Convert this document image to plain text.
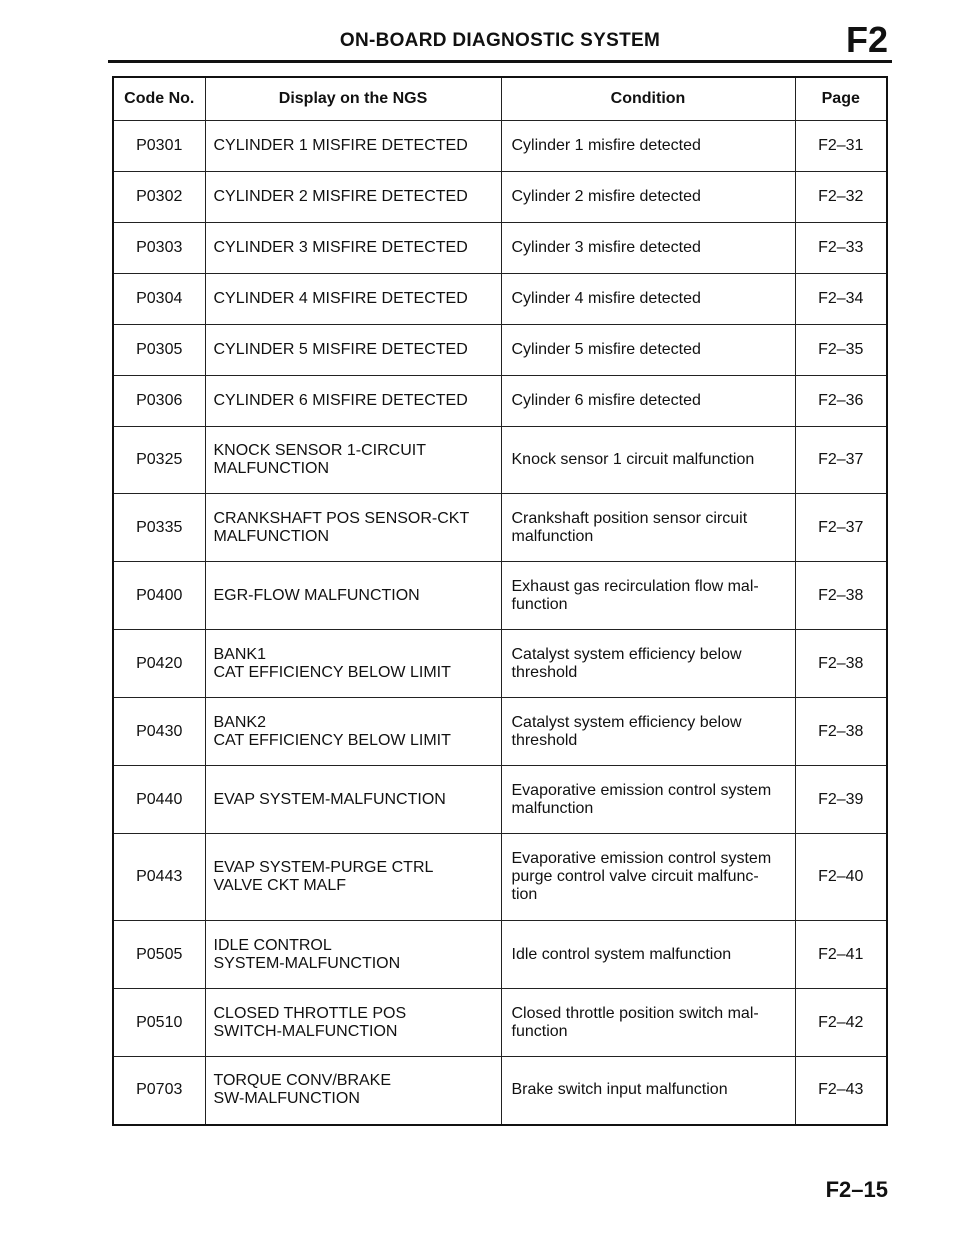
ON-BOARD DIAGNOSTIC SYSTEM	F2
Code No.	Display on the NGS	Condition	Page
P0301	CYLINDER 1 MISFIRE DETECTED	Cylinder 1 misfire detected	F2–31
P0302	CYLINDER 2 MISFIRE DETECTED	Cylinder 2 misfire detected	F2–32
P0303	CYLINDER 3 MISFIRE DETECTED	Cylinder 3 misfire detected	F2–33
P0304	CYLINDER 4 MISFIRE DETECTED	Cylinder 4 misfire detected	F2–34
P0305	CYLINDER 5 MISFIRE DETECTED	Cylinder 5 misfire detected	F2–35
P0306	CYLINDER 6 MISFIRE DETECTED	Cylinder 6 misfire detected	F2–36
P0325	KNOCK SENSOR 1-CIRCUIT
MALFUNCTION	Knock sensor 1 circuit malfunction	F2–37
P0335	CRANKSHAFT POS SENSOR-CKT
MALFUNCTION	Crankshaft position sensor circuit
malfunction	F2–37
P0400	EGR-FLOW MALFUNCTION	Exhaust gas recirculation flow mal-
function	F2–38
P0420	BANK1
CAT EFFICIENCY BELOW LIMIT	Catalyst system efficiency below
threshold	F2–38
P0430	BANK2
CAT EFFICIENCY BELOW LIMIT	Catalyst system efficiency below
threshold	F2–38
P0440	EVAP SYSTEM-MALFUNCTION	Evaporative emission control system
malfunction	F2–39
P0443	EVAP SYSTEM-PURGE CTRL
VALVE CKT MALF	Evaporative emission control system
purge control valve circuit malfunc-
tion	F2–40
P0505	IDLE CONTROL
SYSTEM-MALFUNCTION	Idle control system malfunction	F2–41
P0510	CLOSED THROTTLE POS
SWITCH-MALFUNCTION	Closed throttle position switch mal-
function	F2–42
P0703	TORQUE CONV/BRAKE
SW-MALFUNCTION	Brake switch input malfunction	F2–43
F2–15
